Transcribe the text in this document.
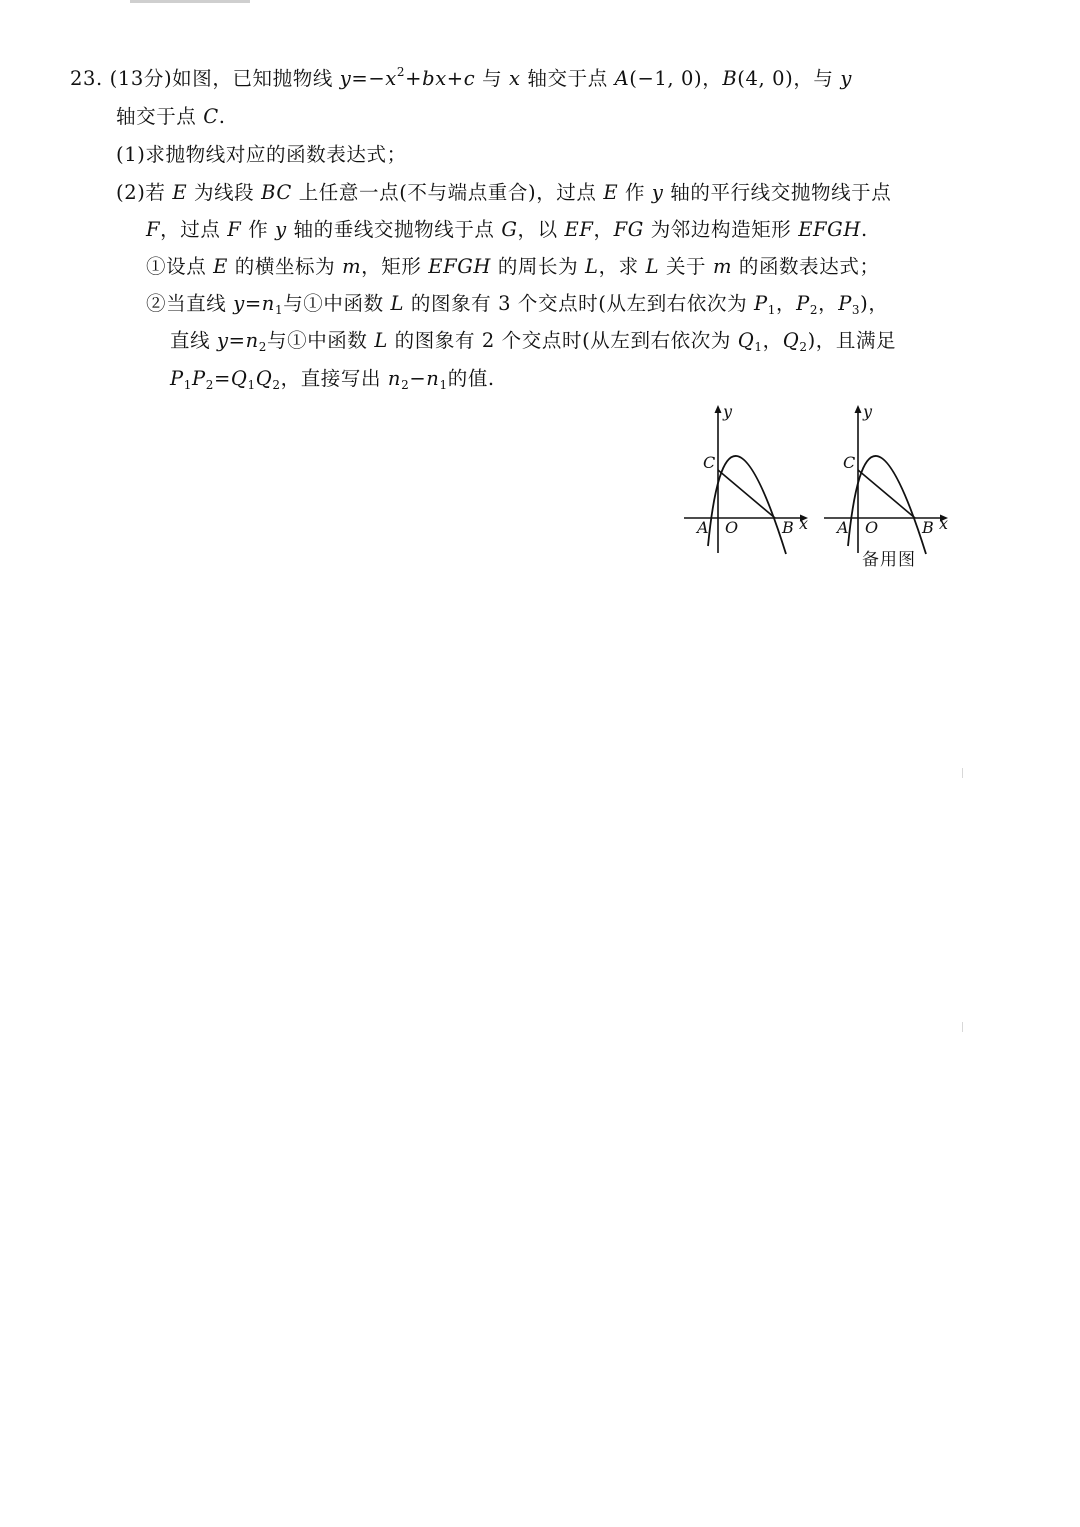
23. (13分)如图，已知抛物线 $y=-x^2+bx+c$ 与 x 轴交于点 A(−1, 0)，B(4, 0)，与 y
轴交于点 C.
(1)求抛物线对应的函数表达式；
(2)若 E 为线段 BC 上任意一点(不与端点重合)，过点 E 作 y 轴的平行线交抛物线于点
F，过点 F 作 y 轴的垂线交抛物线于点 G，以 EF，FG 为邻边构造矩形 EFGH.
①设点 E 的横坐标为 m，矩形 EFGH 的周长为 L，求 L 关于 m 的函数表达式；
②当直线 $y=n_1$与①中函数 L 的图象有 3 个交点时(从左到右依次为 $P_1$，$P_2$，$P_3$)，
直线 $y=n_2$与①中函数 L 的图象有 2 个交点时(从左到右依次为 $Q_1$，$Q_2$)，且满足
$P_1P_2=Q_1Q_2$，直接写出 $n_2-n_1$的值.
y
C
A O	B x
y
C
A O	B x
备用图
